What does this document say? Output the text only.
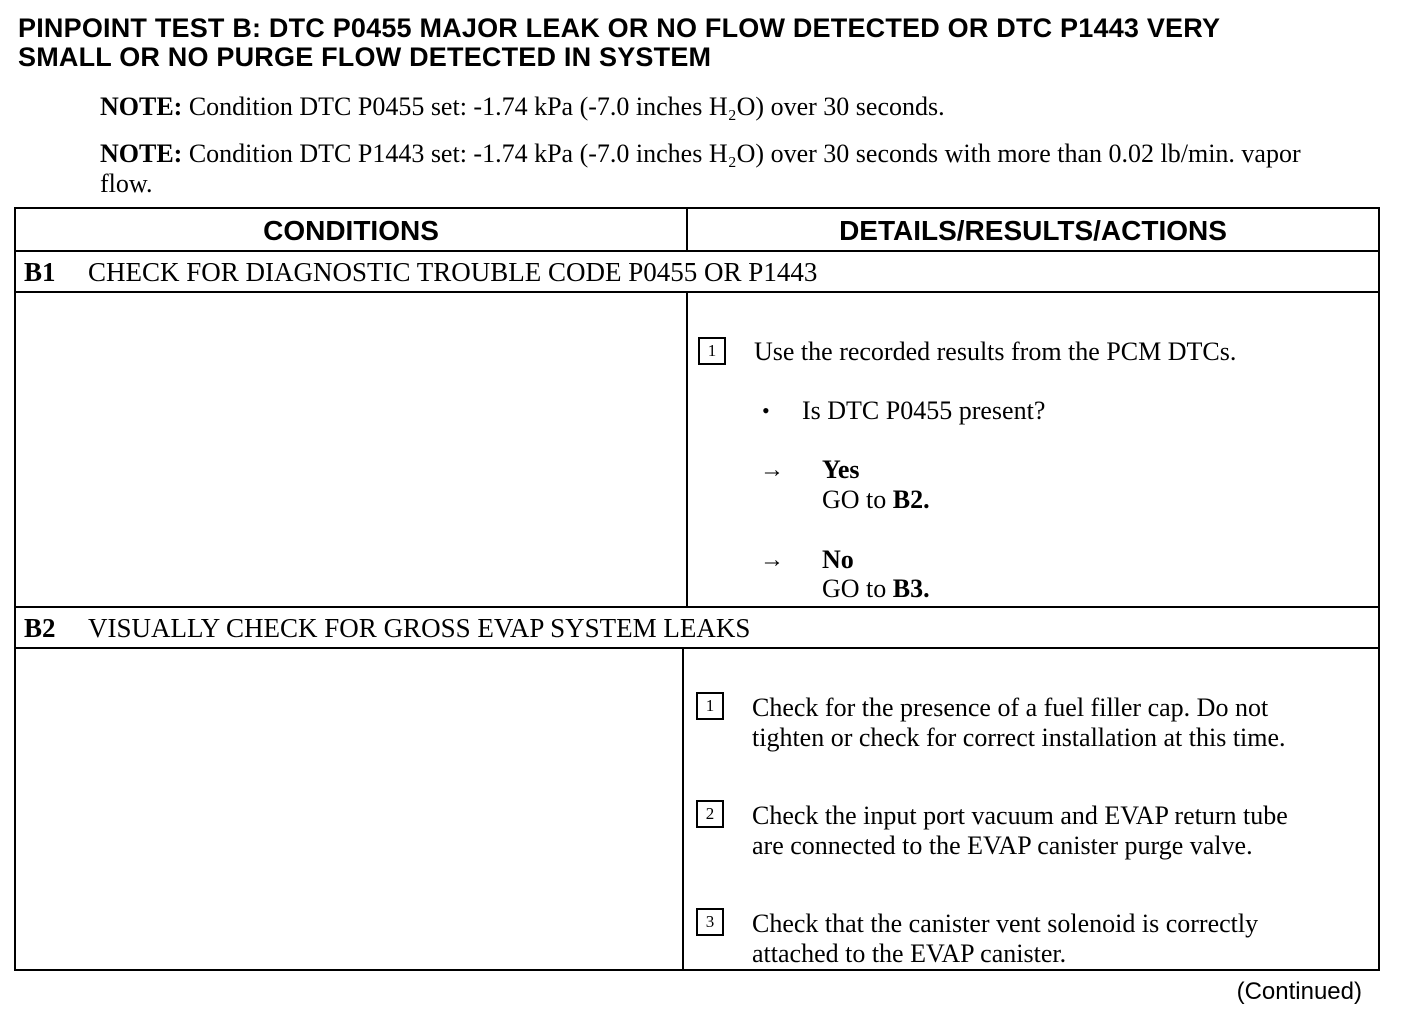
PINPOINT TEST B: DTC P0455 MAJOR LEAK OR NO FLOW DETECTED OR DTC P1443 VERY
SMALL OR NO PURGE FLOW DETECTED IN SYSTEM
NOTE: Condition DTC P0455 set: -1.74 kPa (-7.0 inches H₂O) over 30 seconds.
NOTE: Condition DTC P1443 set: -1.74 kPa (-7.0 inches H₂O) over 30 seconds with more than 0.02 lb/min. vapor flow.
CONDITIONS	DETAILS/RESULTS/ACTIONS
B1 CHECK FOR DIAGNOSTIC TROUBLE CODE P0455 OR P1443
1	Use the recorded results from the PCM DTCs.
• Is DTC P0455 present?
→ Yes
GO to B2.
→ No
GO to B3.
B2 VISUALLY CHECK FOR GROSS EVAP SYSTEM LEAKS
1	Check for the presence of a fuel filler cap. Do not
tighten or check for correct installation at this time.
2	Check the input port vacuum and EVAP return tube
are connected to the EVAP canister purge valve.
3	Check that the canister vent solenoid is correctly
attached to the EVAP canister.
(Continued)
